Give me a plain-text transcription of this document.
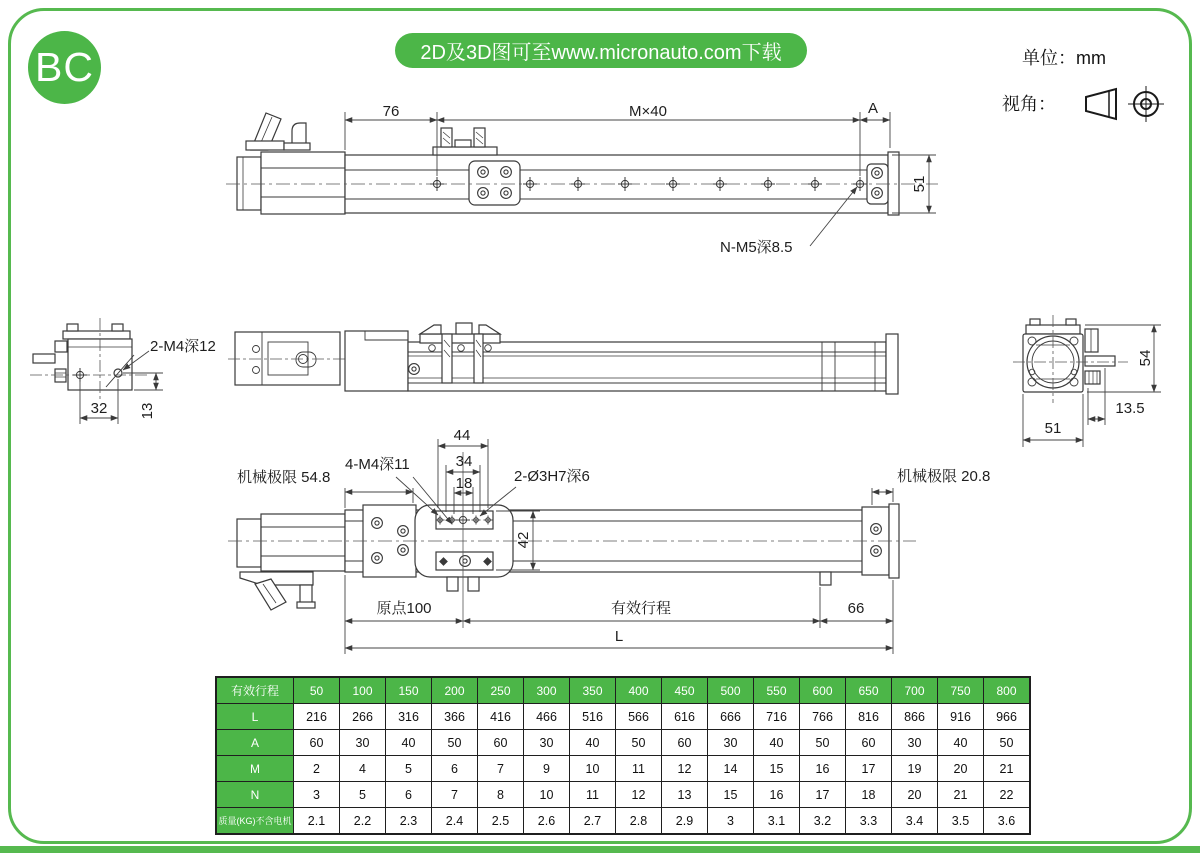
BC	2D及3D图可至www.micronauto.com下载	单位：mm
视角：
76	M×40	A
51
N-M5深8.5
2-M4深12
32 13
54
13.5
51
机械极限 54.8
4-M4深11
44
34
18	2-Ø3H7深6	机械极限 20.8
42
原点100	有效行程	66
L
有效行程	50	100	150	200	250	300	350	400	450	500	550	600	650	700	750	800
L	216	266	316	366	416	466	516	566	616	666	716	766	816	866	916	966
A	60	30	40	50	60	30	40	50	60	30	40	50	60	30	40	50
M	2	4	5	6	7	9	10	11	12	14	15	16	17	19	20	21
N	3	5	6	7	8	10	11	12	13	15	16	17	18	20	21	22
质量(KG)不含电机	2.1	2.2	2.3	2.4	2.5	2.6	2.7	2.8	2.9	3	3.1	3.2	3.3	3.4	3.5	3.6
